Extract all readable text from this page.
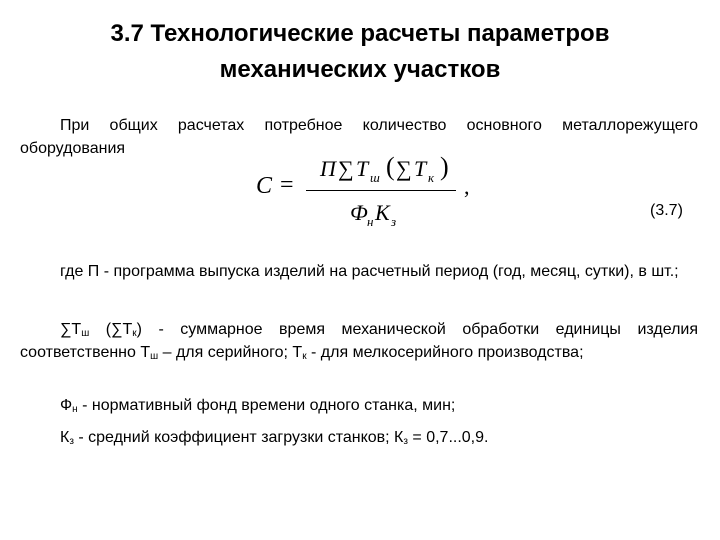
3.7 Технологические расчеты параметров
механических участков
При общих расчетах потребное количество основного металлорежущего оборудования
C =
П ∑ T ш ( ∑ T к )
Ф н К з
,
(3.7)
где П - программа выпуска изделий на расчетный период (год, месяц, сутки), в шт.;
$\sum T_ш$ $(\sum T_к)$ - суммарное время механической обработки единицы изделия соответственно $T_ш$ – для серийного; $T_к$ - для мелкосерийного производства;
$Ф_н$ - нормативный фонд времени одного станка, мин;
$К_з$ - средний коэффициент загрузки станков; $К_з = 0,7...0,9$.
